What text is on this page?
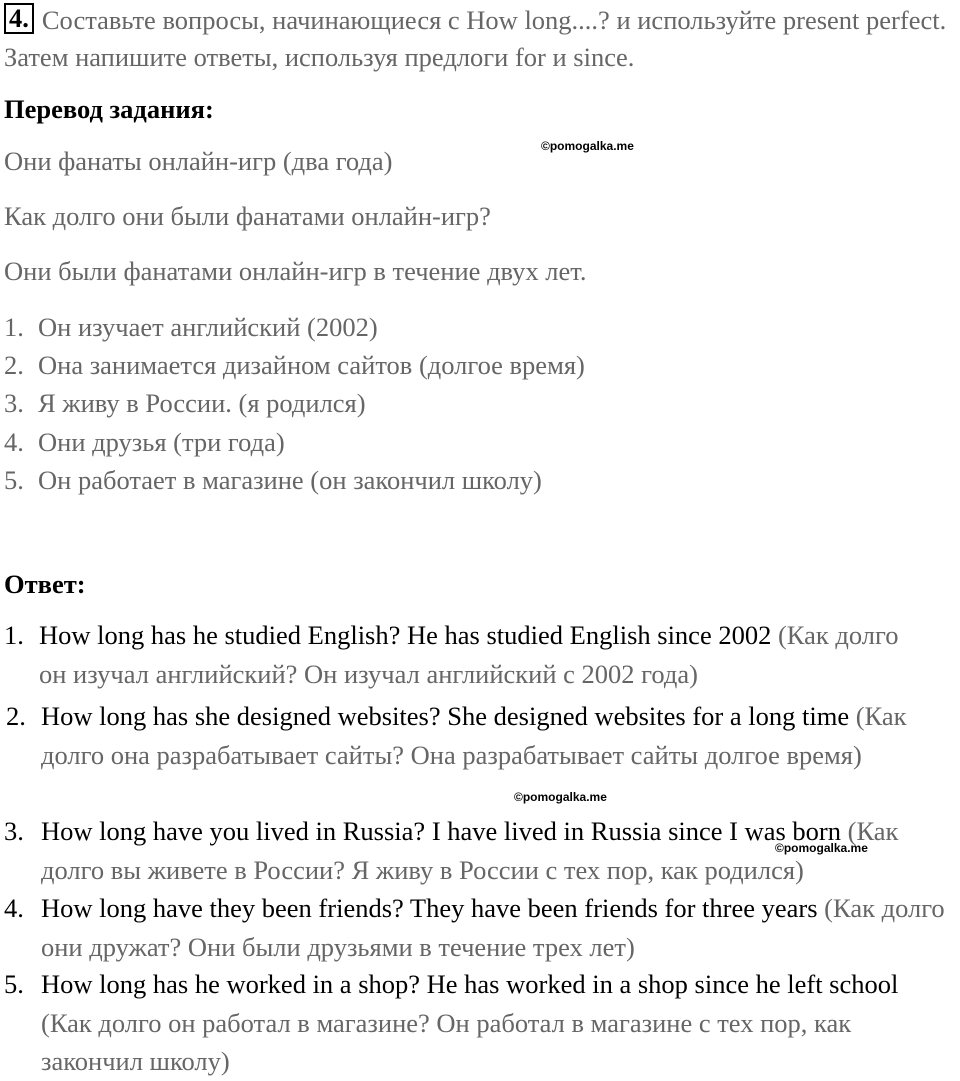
4. Составьте вопросы, начинающиеся с How long....? и используйте present perfect. Затем напишите ответы, используя предлоги for и since.
Перевод задания:
©pomogalka.me
Они фанаты онлайн-игр (два года)
Как долго они были фанатами онлайн-игр?
Они были фанатами онлайн-игр в течение двух лет.
1. Он изучает английский (2002)
2. Она занимается дизайном сайтов (долгое время)
3. Я живу в России. (я родился)
4. Они друзья (три года)
5. Он работает в магазине (он закончил школу)
Ответ:
1. How long has he studied English? He has studied English since 2002 (Как долго он изучал английский? Он изучал английский с 2002 года)
2. How long has she designed websites? She designed websites for a long time (Как долго она разрабатывает сайты? Она разрабатывает сайты долгое время)
©pomogalka.me
3. How long have you lived in Russia? I have lived in Russia since I was born (Как долго вы живете в России? Я живу в России с тех пор, как родился)
©pomogalka.me
4. How long have they been friends? They have been friends for three years (Как долго они дружат? Они были друзьями в течение трех лет)
5. How long has he worked in a shop? He has worked in a shop since he left school (Как долго он работал в магазине? Он работал в магазине с тех пор, как закончил школу)
